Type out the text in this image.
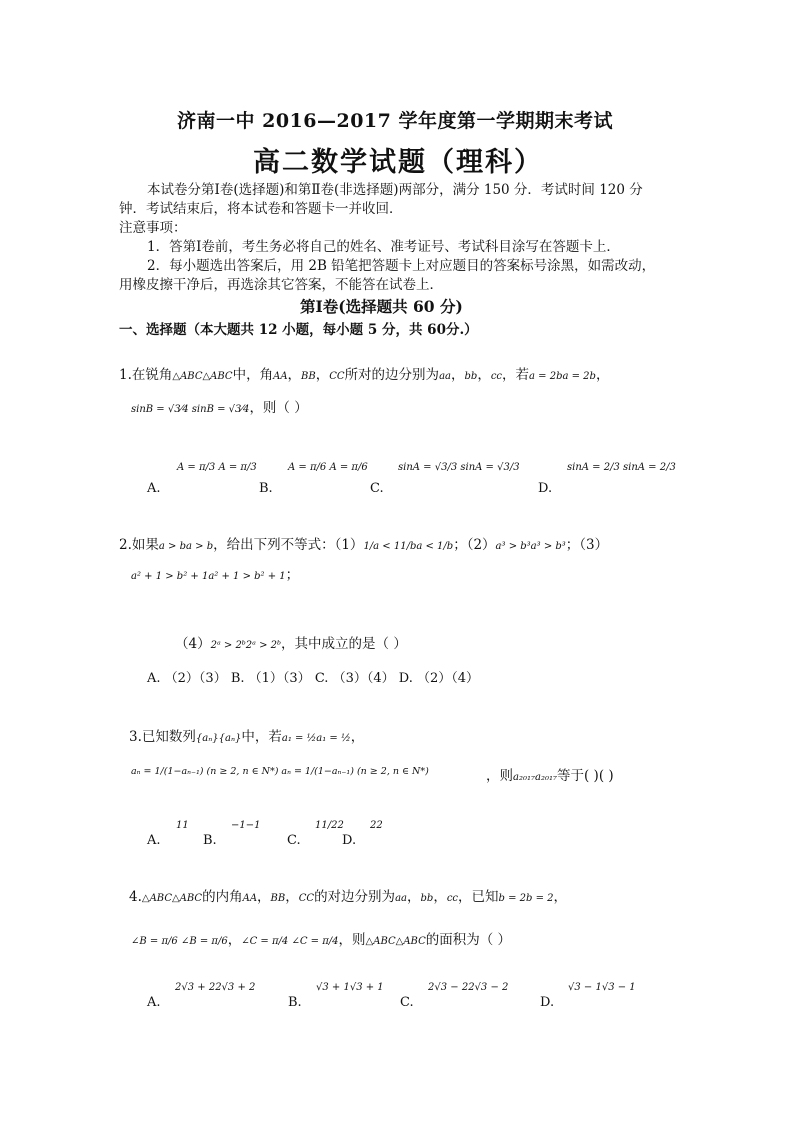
济南一中 2016—2017 学年度第一学期期末考试
高二数学试题（理科）
本试卷分第Ⅰ卷(选择题)和第Ⅱ卷(非选择题)两部分，满分 150 分．考试时间 120 分
钟．考试结束后，将本试卷和答题卡一并收回．
注意事项：
1．答第Ⅰ卷前，考生务必将自己的姓名、准考证号、考试科目涂写在答题卡上．
2．每小题选出答案后，用 2B 铅笔把答题卡上对应题目的答案标号涂黑，如需改动，
用橡皮擦干净后，再选涂其它答案，不能答在试卷上．
第Ⅰ卷(选择题共 60 分)
一、选择题（本大题共 12 小题，每小题 5 分，共 60分.）
1.在锐角△ABC△ABC中，角AA，BB，CC所对的边分别为aa，bb，cc，若a = 2ba = 2b，
sinB = √3⁄4 sinB = √3⁄4，则（ ）
A = π/3 A = π/3	A = π/6 A = π/6	sinA = √3/3 sinA = √3/3	sinA = 2/3 sinA = 2/3
A.	B.	C.	D.
2.如果a > ba > b，给出下列不等式：（1）1/a < 11/ba < 1/b；（2）a³ > b³a³ > b³；（3）
a² + 1 > b² + 1a² + 1 > b² + 1；
（4）2ᵃ > 2ᵇ2ᵃ > 2ᵇ，其中成立的是（ ）
A. （2）（3） B. （1）（3） C. （3）（4） D. （2）（4）
3.已知数列{aₙ}{aₙ}中，若a₁ = ½a₁ = ½，
aₙ = 1/(1−aₙ₋₁) (n ≥ 2, n ∈ N*) aₙ = 1/(1−aₙ₋₁) (n ≥ 2, n ∈ N*)	，则a₂₀₁₇a₂₀₁₇等于( )( )
11	−1−1	11/22	22
A.	B.	C.	D.
4.△ABC△ABC的内角AA，BB，CC的对边分别为aa，bb，cc，已知b = 2b = 2，
∠B = π/6 ∠B = π/6，∠C = π/4 ∠C = π/4，则△ABC△ABC的面积为（ ）
2√3 + 22√3 + 2	√3 + 1√3 + 1	2√3 − 22√3 − 2	√3 − 1√3 − 1
A.	B.	C.	D.
